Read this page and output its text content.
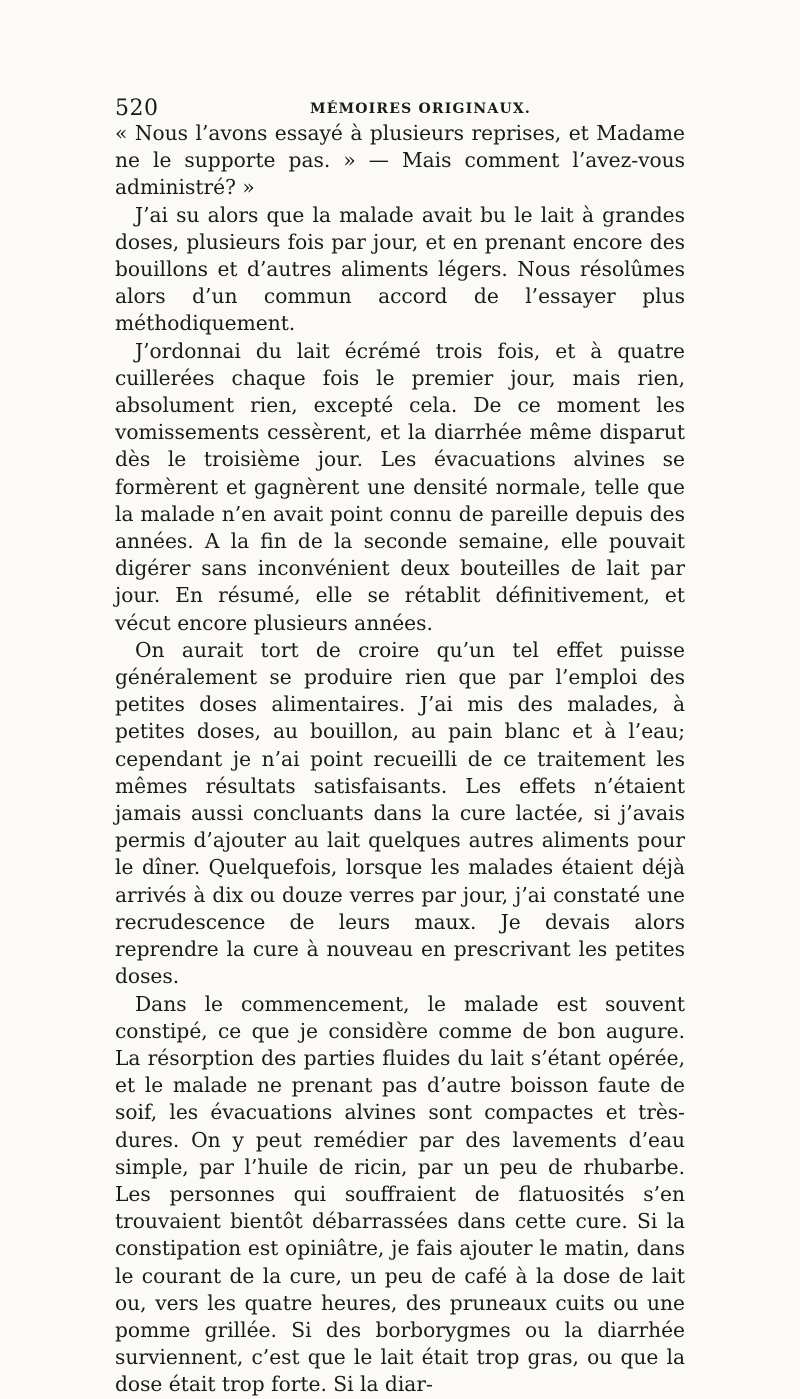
520	MÉMOIRES ORIGINAUX.

« Nous l’avons essayé à plusieurs reprises, et Madame ne le supporte pas. » — Mais comment l’avez-vous administré? »

J’ai su alors que la malade avait bu le lait à grandes doses, plusieurs fois par jour, et en prenant encore des bouillons et d’autres aliments légers. Nous résolûmes alors d’un commun accord de l’essayer plus méthodiquement.

J’ordonnai du lait écrémé trois fois, et à quatre cuillerées chaque fois le premier jour, mais rien, absolument rien, excepté cela. De ce moment les vomissements cessèrent, et la diarrhée même disparut dès le troisième jour. Les évacuations alvines se formèrent et gagnèrent une densité normale, telle que la malade n’en avait point connu de pareille depuis des années. A la fin de la seconde semaine, elle pouvait digérer sans inconvénient deux bouteilles de lait par jour. En résumé, elle se rétablit définitivement, et vécut encore plusieurs années.

On aurait tort de croire qu’un tel effet puisse généralement se produire rien que par l’emploi des petites doses alimentaires. J’ai mis des malades, à petites doses, au bouillon, au pain blanc et à l’eau; cependant je n’ai point recueilli de ce traitement les mêmes résultats satisfaisants. Les effets n’étaient jamais aussi concluants dans la cure lactée, si j’avais permis d’ajouter au lait quelques autres aliments pour le dîner. Quelquefois, lorsque les malades étaient déjà arrivés à dix ou douze verres par jour, j’ai constaté une recrudescence de leurs maux. Je devais alors reprendre la cure à nouveau en prescrivant les petites doses.

Dans le commencement, le malade est souvent constipé, ce que je considère comme de bon augure. La résorption des parties fluides du lait s’étant opérée, et le malade ne prenant pas d’autre boisson faute de soif, les évacuations alvines sont compactes et très-dures. On y peut remédier par des lavements d’eau simple, par l’huile de ricin, par un peu de rhubarbe. Les personnes qui souffraient de flatuosités s’en trouvaient bientôt débarrassées dans cette cure. Si la constipation est opiniâtre, je fais ajouter le matin, dans le courant de la cure, un peu de café à la dose de lait ou, vers les quatre heures, des pruneaux cuits ou une pomme grillée. Si des borborygmes ou la diarrhée surviennent, c’est que le lait était trop gras, ou que la dose était trop forte. Si la diar-
